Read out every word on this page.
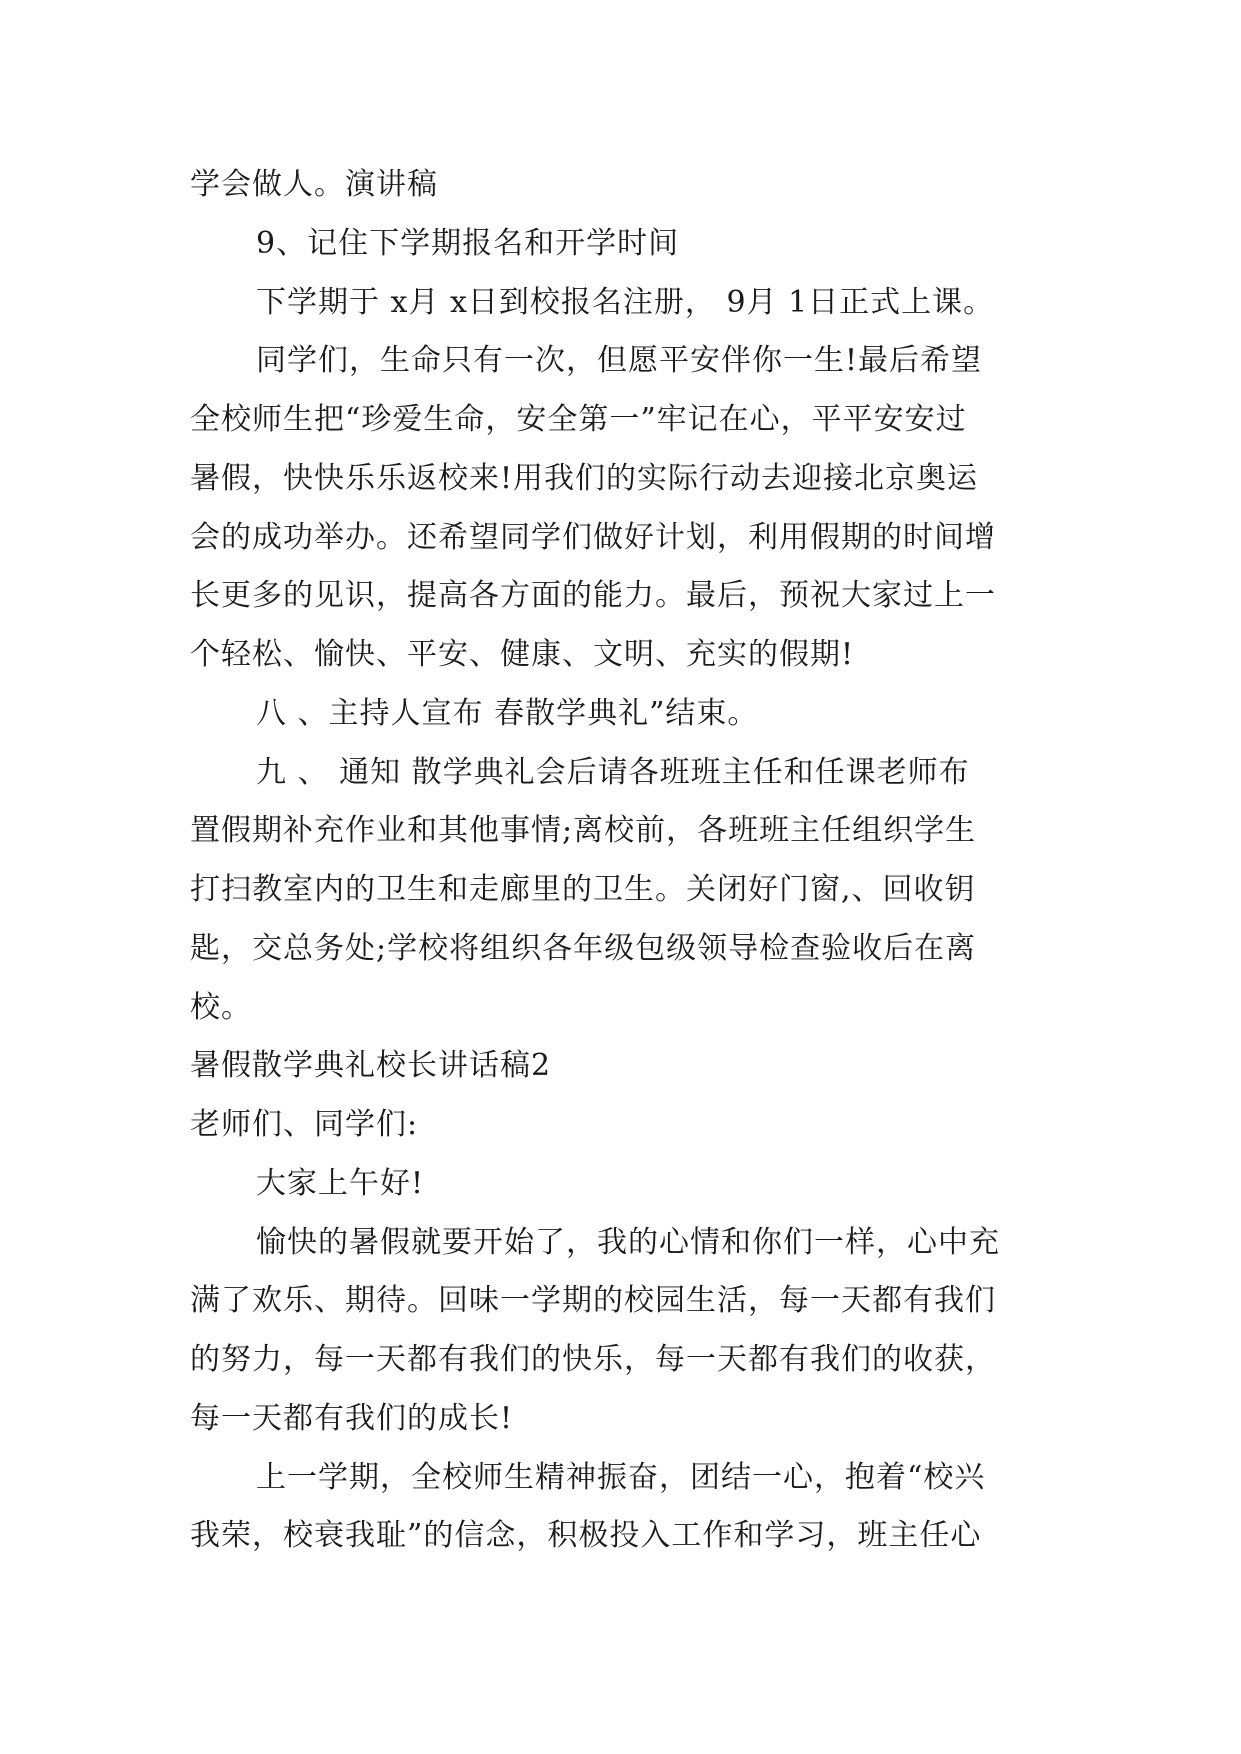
学会做人。演讲稿
9、记住下学期报名和开学时间
下学期于 x月 x日到校报名注册， 9月 1日正式上课。
同学们，生命只有一次，但愿平安伴你一生!最后希望
全校师生把“珍爱生命，安全第一”牢记在心，平平安安过
暑假，快快乐乐返校来!用我们的实际行动去迎接北京奥运
会的成功举办。还希望同学们做好计划，利用假期的时间增
长更多的见识，提高各方面的能力。最后，预祝大家过上一
个轻松、愉快、平安、健康、文明、充实的假期!
八 、主持人宣布 春散学典礼”结束。
九 、 通知 散学典礼会后请各班班主任和任课老师布
置假期补充作业和其他事情;离校前，各班班主任组织学生
打扫教室内的卫生和走廊里的卫生。关闭好门窗,、回收钥
匙，交总务处;学校将组织各年级包级领导检查验收后在离
校。
暑假散学典礼校长讲话稿2
老师们、同学们:
大家上午好!
愉快的暑假就要开始了，我的心情和你们一样，心中充
满了欢乐、期待。回味一学期的校园生活，每一天都有我们
的努力，每一天都有我们的快乐，每一天都有我们的收获，
每一天都有我们的成长!
上一学期，全校师生精神振奋，团结一心，抱着“校兴
我荣，校衰我耻”的信念，积极投入工作和学习，班主任心
